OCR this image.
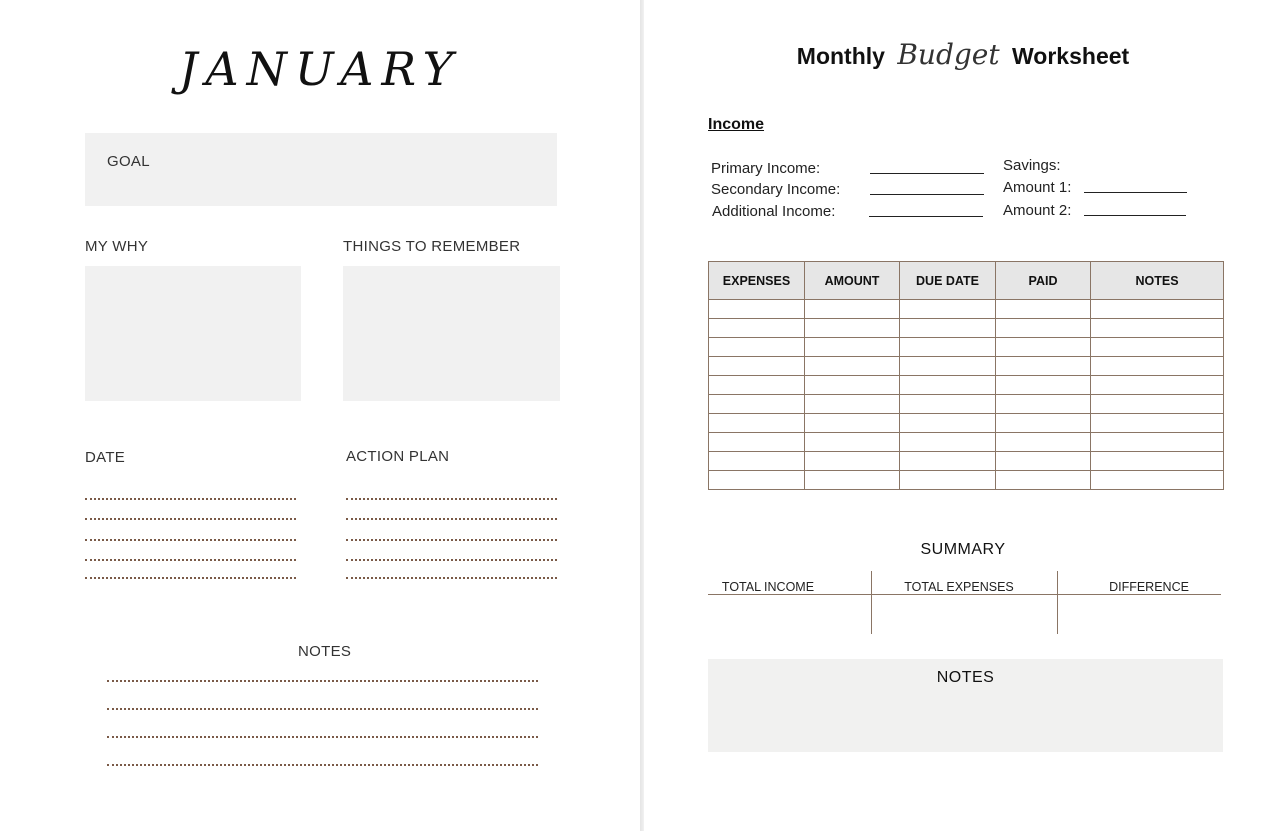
JANUARY
GOAL
MY WHY	THINGS TO REMEMBER
DATE	ACTION PLAN
NOTES
Monthly Budget Worksheet
Income
Primary Income:
Secondary Income:
Additional Income:
Savings:
Amount 1:
Amount 2:
EXPENSES	AMOUNT	DUE DATE	PAID	NOTES

SUMMARY
TOTAL INCOME	TOTAL EXPENSES	DIFFERENCE
NOTES
